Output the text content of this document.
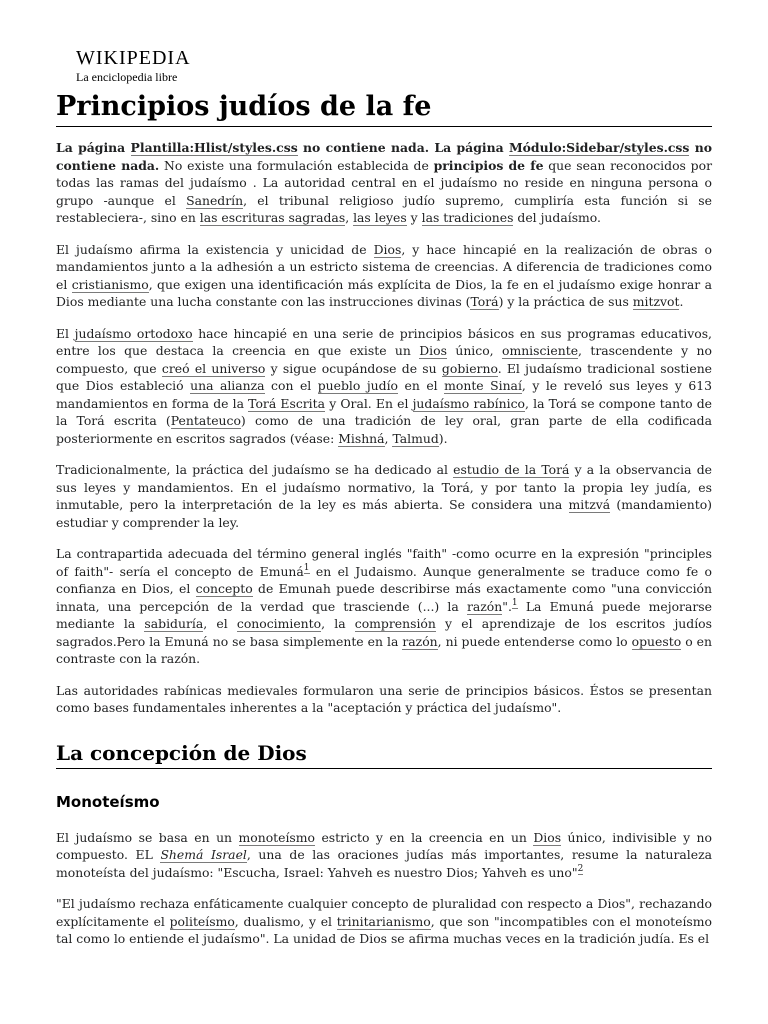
WIKIPEDIA
La enciclopedia libre
Principios judíos de la fe

La página Plantilla:Hlist/styles.css no contiene nada. La página Módulo:Sidebar/styles.css no contiene nada. No existe una formulación establecida de principios de fe que sean reconocidos por todas las ramas del judaísmo . La autoridad central en el judaísmo no reside en ninguna persona o grupo -aunque el Sanedrín, el tribunal religioso judío supremo, cumpliría esta función si se restableciera-, sino en las escrituras sagradas, las leyes y las tradiciones del judaísmo.

El judaísmo afirma la existencia y unicidad de Dios, y hace hincapié en la realización de obras o mandamientos junto a la adhesión a un estricto sistema de creencias. A diferencia de tradiciones como el cristianismo, que exigen una identificación más explícita de Dios, la fe en el judaísmo exige honrar a Dios mediante una lucha constante con las instrucciones divinas (Torá) y la práctica de sus mitzvot.

El judaísmo ortodoxo hace hincapié en una serie de principios básicos en sus programas educativos, entre los que destaca la creencia en que existe un Dios único, omnisciente, trascendente y no compuesto, que creó el universo y sigue ocupándose de su gobierno. El judaísmo tradicional sostiene que Dios estableció una alianza con el pueblo judío en el monte Sinaí, y le reveló sus leyes y 613 mandamientos en forma de la Torá Escrita y Oral. En el judaísmo rabínico, la Torá se compone tanto de la Torá escrita (Pentateuco) como de una tradición de ley oral, gran parte de ella codificada posteriormente en escritos sagrados (véase: Mishná, Talmud).

Tradicionalmente, la práctica del judaísmo se ha dedicado al estudio de la Torá y a la observancia de sus leyes y mandamientos. En el judaísmo normativo, la Torá, y por tanto la propia ley judía, es inmutable, pero la interpretación de la ley es más abierta. Se considera una mitzvá (mandamiento) estudiar y comprender la ley.

La contrapartida adecuada del término general inglés "faith" -como ocurre en la expresión "principles of faith"- sería el concepto de Emuná$^1$ en el Judaismo. Aunque generalmente se traduce como fe o confianza en Dios, el concepto de Emunah puede describirse más exactamente como "una convicción innata, una percepción de la verdad que trasciende (...) la razón".$^1$ La Emuná puede mejorarse mediante la sabiduría, el conocimiento, la comprensión y el aprendizaje de los escritos judíos sagrados.Pero la Emuná no se basa simplemente en la razón, ni puede entenderse como lo opuesto o en contraste con la razón.

Las autoridades rabínicas medievales formularon una serie de principios básicos. Éstos se presentan como bases fundamentales inherentes a la "aceptación y práctica del judaísmo".

La concepción de Dios
Monoteísmo

El judaísmo se basa en un monoteísmo estricto y en la creencia en un Dios único, indivisible y no compuesto. EL Shemá Israel, una de las oraciones judías más importantes, resume la naturaleza monoteísta del judaísmo: "Escucha, Israel: Yahveh es nuestro Dios; Yahveh es uno"$^2$

"El judaísmo rechaza enfáticamente cualquier concepto de pluralidad con respecto a Dios", rechazando explícitamente el politeísmo, dualismo, y el trinitarianismo, que son "incompatibles con el monoteísmo tal como lo entiende el judaísmo". La unidad de Dios se afirma muchas veces en la tradición judía. Es el
